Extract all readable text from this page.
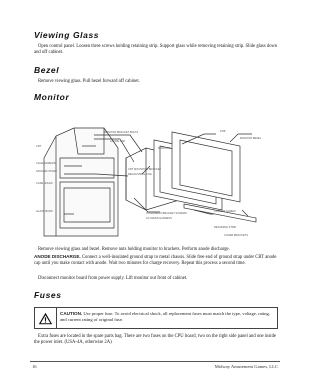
Viewing Glass

Open control panel. Loosen three screws holding retaining strip. Support glass while removing retaining strip. Slide glass down and off cabinet.

Bezel

Remove viewing glass. Pull bezel forward off cabinet.

Monitor
MONITOR BRACKET BOLTS
ANODE CAP
MONITOR
PCB
MONITOR BEZEL
CRT
CAGE SCREWS
GROUND STRAP
CRT MOUNTING BRACKET
DEGAUSSING COIL
CASE HOLES
GLASS BAND
IN HARNESS BRACKET SCREWS
AC MAINS HARNESS
CORNER SCREW
RETAINING STRIP
COVER BRACKETS

Remove viewing glass and bezel. Remove nuts holding monitor to brackets. Perform anode discharge.

ANODE DISCHARGE. Connect a well-insulated ground strap to metal chassis. Slide free end of ground strap under CRT anode cap until you make contact with anode. Wait two minutes for charge recovery. Repeat this process a second time.

Disconnect monitor board from power supply. Lift monitor out front of cabinet.

Fuses
CAUTION. Use proper fuse. To avoid electrical shock, all replacement fuses must match the type, voltage, rating, and current rating of original fuse.

Extra fuses are located in the spare parts bag. There are two fuses on the CPU board, two on the right side panel and one inside the power inlet. (USA-4A, otherwise 2A)

16	Midway Amusement Games, LLC
